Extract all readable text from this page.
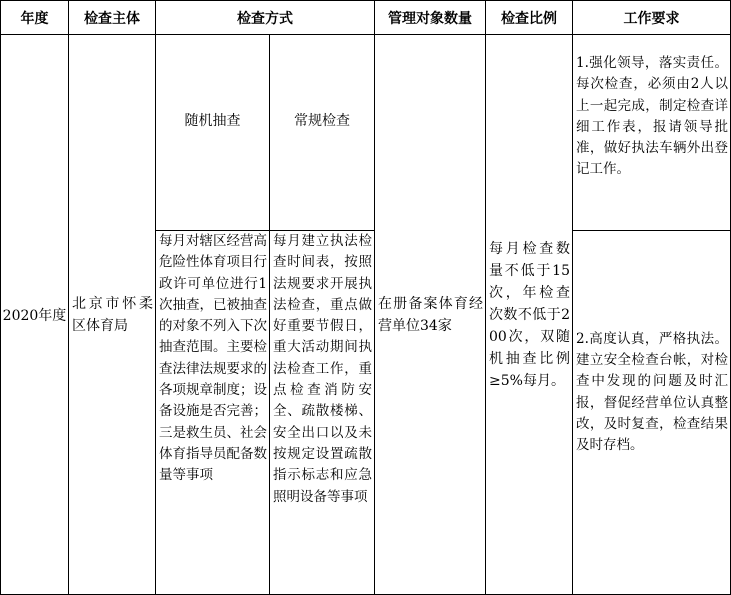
年度	检查主体	检查方式		管理对象数量	检查比例	工作要求
2020年度	北京市怀柔区体育局	随机抽查	常规检查	在册备案体育经营单位34家	每月检查数量不低于15次，年检查次数不低于200次，双随机抽查比例≥5%每月。	1.强化领导，落实责任。每次检查，必须由2人以上一起完成，制定检查详细工作表，报请领导批准，做好执法车辆外出登记工作。
		每月对辖区经营高危险性体育项目行政许可单位进行1次抽查，已被抽查的对象不列入下次抽查范围。主要检查法律法规要求的各项规章制度；设备设施是否完善；三是救生员、社会体育指导员配备数量等事项	每月建立执法检查时间表，按照法规要求开展执法检查，重点做好重要节假日，重大活动期间执法检查工作，重点检查消防安全、疏散楼梯、安全出口以及未按规定设置疏散指示标志和应急照明设备等事项			2.高度认真，严格执法。建立安全检查台帐，对检查中发现的问题及时汇报，督促经营单位认真整改，及时复查，检查结果及时存档。
